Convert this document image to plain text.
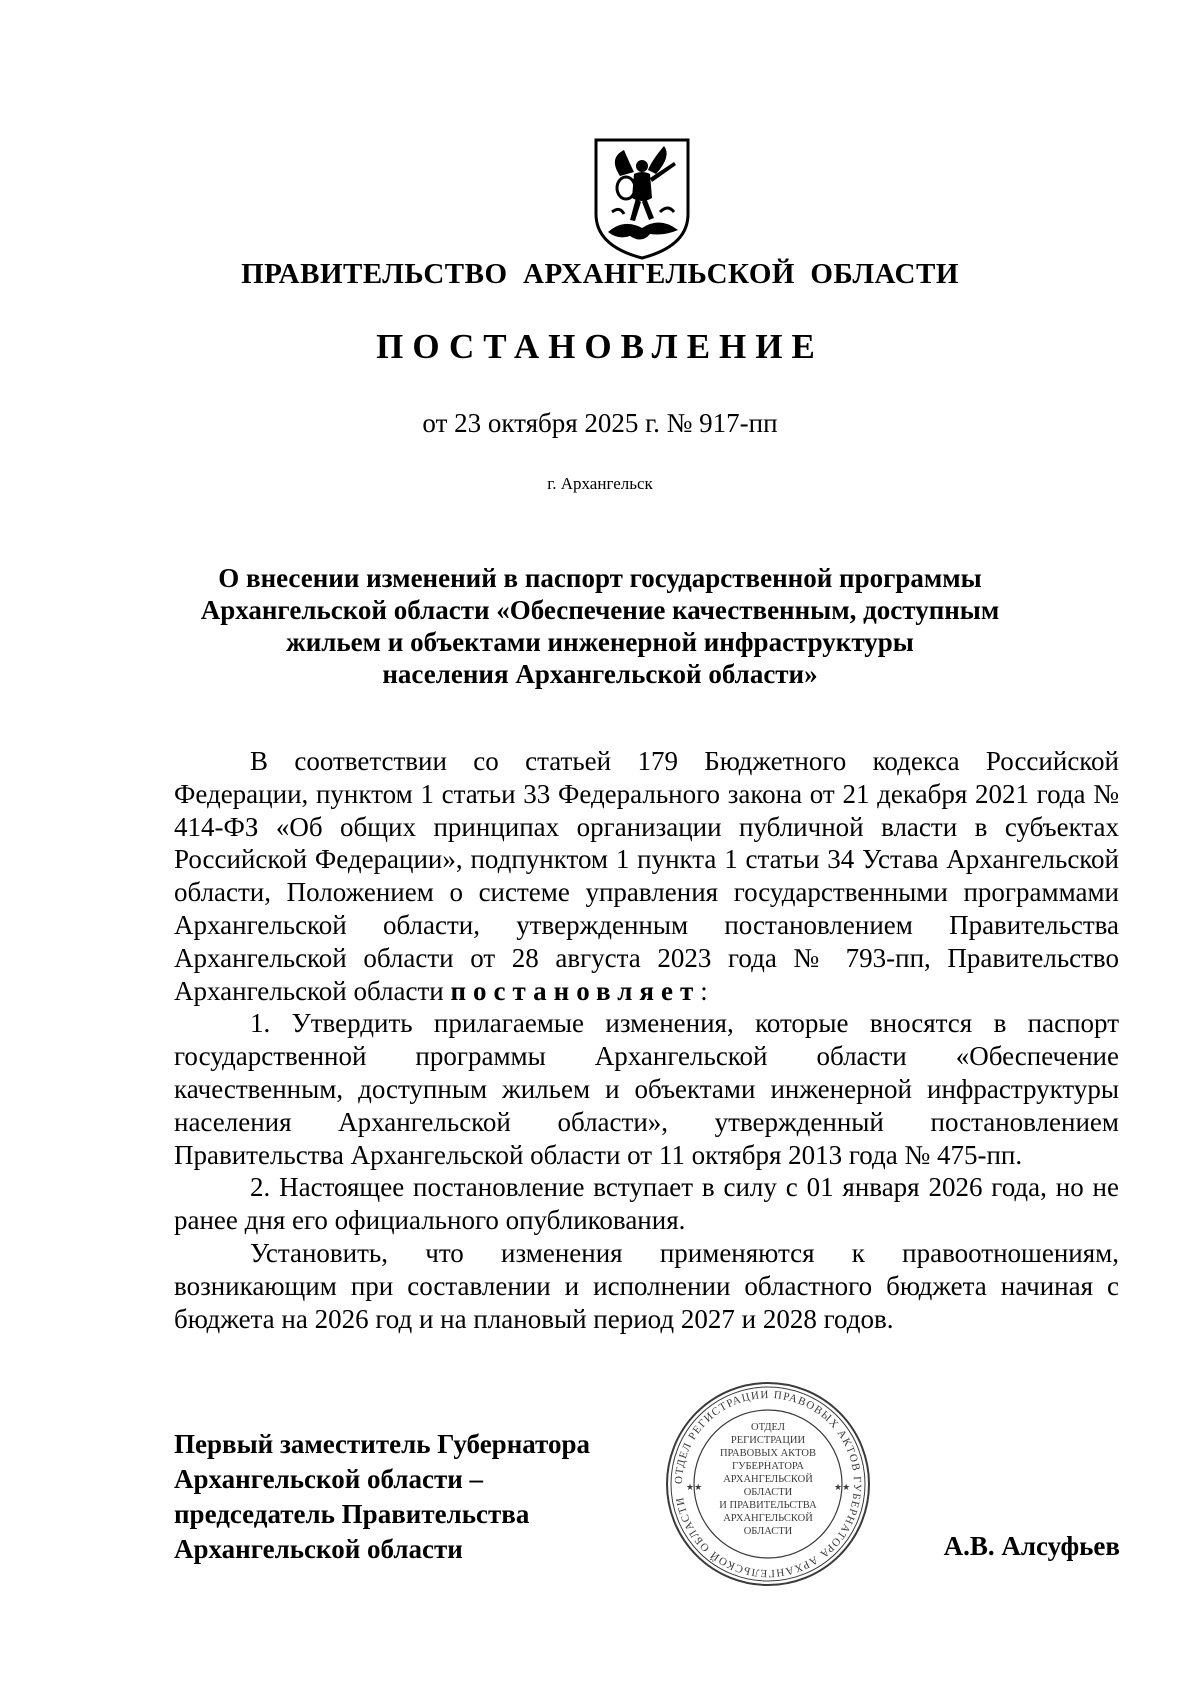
ПРАВИТЕЛЬСТВО  АРХАНГЕЛЬСКОЙ  ОБЛАСТИ
ПОСТАНОВЛЕНИЕ
от 23 октября 2025 г. № 917-пп
г. Архангельск
О внесении изменений в паспорт государственной программы
Архангельской области «Обеспечение качественным, доступным
жильем и объектами инженерной инфраструктуры
населения Архангельской области»

В соответствии со статьей 179 Бюджетного кодекса Российской Федерации, пунктом 1 статьи 33 Федерального закона от 21 декабря 2021 года № 414-ФЗ «Об общих принципах организации публичной власти в субъектах Российской Федерации», подпунктом 1 пункта 1 статьи 34 Устава Архангельской области, Положением о системе управления государственными программами Архангельской области, утвержденным постановлением Правительства Архангельской области от 28 августа 2023 года № 793-пп, Правительство Архангельской области постановляет:

1. Утвердить прилагаемые изменения, которые вносятся в паспорт государственной программы Архангельской области «Обеспечение качественным, доступным жильем и объектами инженерной инфраструктуры населения Архангельской области», утвержденный постановлением Правительства Архангельской области от 11 октября 2013 года № 475-пп.

2. Настоящее постановление вступает в силу с 01 января 2026 года, но не ранее дня его официального опубликования.

Установить, что изменения применяются к правоотношениям, возникающим при составлении и исполнении областного бюджета начиная с бюджета на 2026 год и на плановый период 2027 и 2028 годов.

Первый заместитель Губернатора
Архангельской области –
председатель Правительства
Архангельской области
ОТДЕЛ РЕГИСТРАЦИИ ПРАВОВЫХ АКТОВ ГУБЕРНАТОРА АРХАНГЕЛЬСКОЙ ОБЛАСТИ
ОТДЕЛ
РЕГИСТРАЦИИ
ПРАВОВЫХ АКТОВ
ГУБЕРНАТОРА
АРХАНГЕЛЬСКОЙ
ОБЛАСТИ
И ПРАВИТЕЛЬСТВА
АРХАНГЕЛЬСКОЙ
ОБЛАСТИ
★★	★★
А.В. Алсуфьев
